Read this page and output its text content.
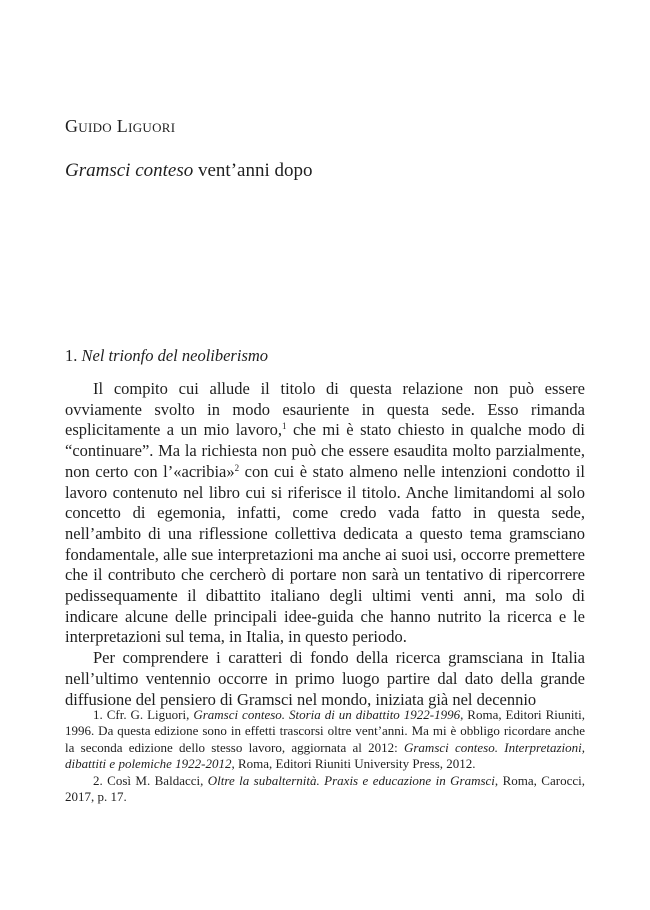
Guido Liguori
Gramsci conteso vent’anni dopo
1. Nel trionfo del neoliberismo

Il compito cui allude il titolo di questa relazione non può essere ovviamente svolto in modo esauriente in questa sede. Esso rimanda esplicitamente a un mio lavoro,$^1$ che mi è stato chiesto in qualche modo di “continuare”. Ma la richiesta non può che essere esaudita molto parzialmente, non certo con l’«acribia»$^2$ con cui è stato almeno nelle intenzioni condotto il lavoro contenuto nel libro cui si riferisce il titolo. Anche limitandomi al solo concetto di egemonia, infatti, come credo vada fatto in questa sede, nell’ambito di una riflessione collettiva dedicata a questo tema gramsciano fondamentale, alle sue interpretazioni ma anche ai suoi usi, occorre premettere che il contributo che cercherò di portare non sarà un tentativo di ripercorrere pedissequamente il dibattito italiano degli ultimi venti anni, ma solo di indicare alcune delle principali idee-guida che hanno nutrito la ricerca e le interpretazioni sul tema, in Italia, in questo periodo.

Per comprendere i caratteri di fondo della ricerca gramsciana in Italia nell’ultimo ventennio occorre in primo luogo partire dal dato della grande diffusione del pensiero di Gramsci nel mondo, iniziata già nel decennio

1. Cfr. G. Liguori, Gramsci conteso. Storia di un dibattito 1922-1996, Roma, Editori Riuniti, 1996. Da questa edizione sono in effetti trascorsi oltre vent’anni. Ma mi è obbligo ricordare anche la seconda edizione dello stesso lavoro, aggiornata al 2012: Gramsci conteso. Interpretazioni, dibattiti e polemiche 1922-2012, Roma, Editori Riuniti University Press, 2012.

2. Così M. Baldacci, Oltre la subalternità. Praxis e educazione in Gramsci, Roma, Carocci, 2017, p. 17.
